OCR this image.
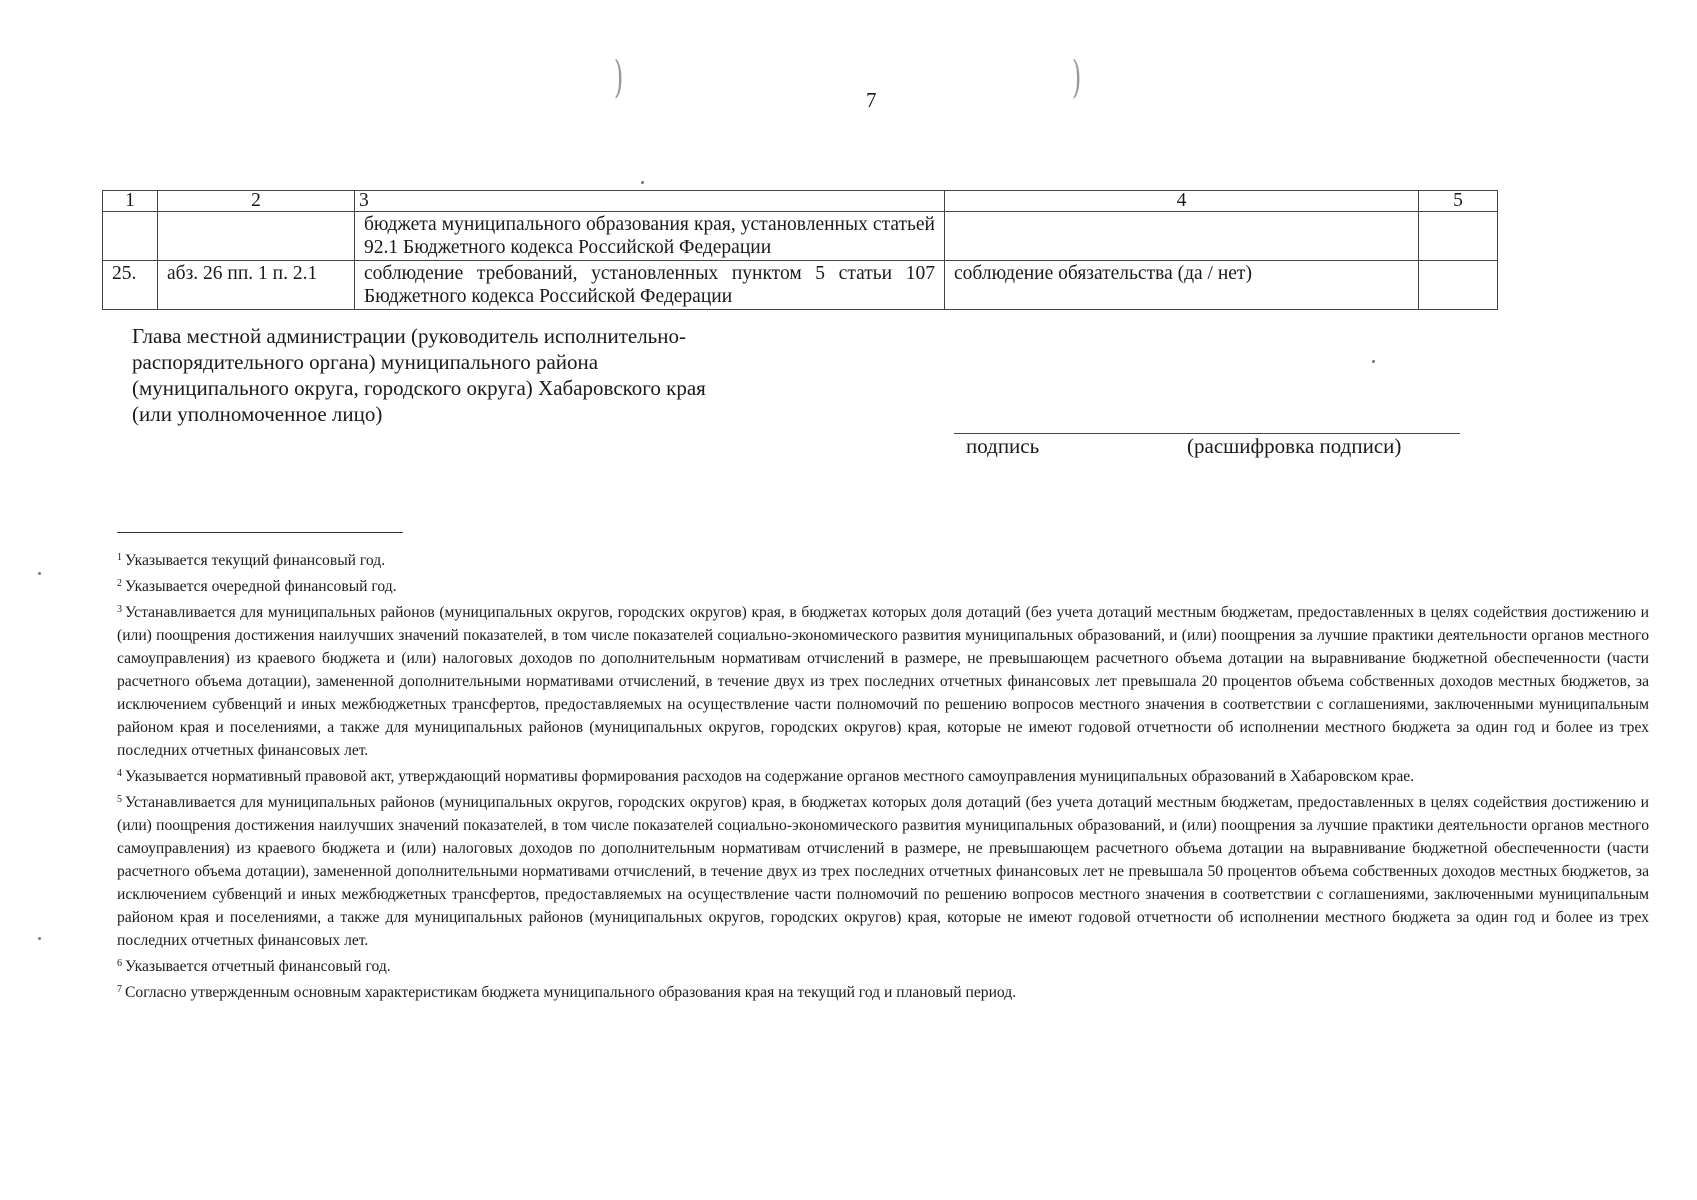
)	)
7
1	2	3	4	5
		бюджета муниципального образования края, установленных статьей 92.1 Бюджетного кодекса Российской Федерации		
25.	абз. 26 пп. 1 п. 2.1	соблюдение требований, установленных пунктом 5 статьи 107 Бюджетного кодекса Российской Федерации	соблюдение обязательства (да / нет)	
Глава местной администрации (руководитель исполнительно-
распорядительного органа) муниципального района
(муниципального округа, городского округа) Хабаровского края
(или уполномоченное лицо)
подпись	(расшифровка подписи)

$^1$ Указывается текущий финансовый год.

$^2$ Указывается очередной финансовый год.

$^3$ Устанавливается для муниципальных районов (муниципальных округов, городских округов) края, в бюджетах которых доля дотаций (без учета дотаций местным бюджетам, предоставленных в целях содействия достижению и (или) поощрения достижения наилучших значений показателей, в том числе показателей социально-экономического развития муниципальных образований, и (или) поощрения за лучшие практики деятельности органов местного самоуправления) из краевого бюджета и (или) налоговых доходов по дополнительным нормативам отчислений в размере, не превышающем расчетного объема дотации на выравнивание бюджетной обеспеченности (части расчетного объема дотации), замененной дополнительными нормативами отчислений, в течение двух из трех последних отчетных финансовых лет превышала 20 процентов объема собственных доходов местных бюджетов, за исключением субвенций и иных межбюджетных трансфертов, предоставляемых на осуществление части полномочий по решению вопросов местного значения в соответствии с соглашениями, заключенными муниципальным районом края и поселениями, а также для муниципальных районов (муниципальных округов, городских округов) края, которые не имеют годовой отчетности об исполнении местного бюджета за один год и более из трех последних отчетных финансовых лет.

$^4$ Указывается нормативный правовой акт, утверждающий нормативы формирования расходов на содержание органов местного самоуправления муниципальных образований в Хабаровском крае.

$^5$ Устанавливается для муниципальных районов (муниципальных округов, городских округов) края, в бюджетах которых доля дотаций (без учета дотаций местным бюджетам, предоставленных в целях содействия достижению и (или) поощрения достижения наилучших значений показателей, в том числе показателей социально-экономического развития муниципальных образований, и (или) поощрения за лучшие практики деятельности органов местного самоуправления) из краевого бюджета и (или) налоговых доходов по дополнительным нормативам отчислений в размере, не превышающем расчетного объема дотации на выравнивание бюджетной обеспеченности (части расчетного объема дотации), замененной дополнительными нормативами отчислений, в течение двух из трех последних отчетных финансовых лет не превышала 50 процентов объема собственных доходов местных бюджетов, за исключением субвенций и иных межбюджетных трансфертов, предоставляемых на осуществление части полномочий по решению вопросов местного значения в соответствии с соглашениями, заключенными муниципальным районом края и поселениями, а также для муниципальных районов (муниципальных округов, городских округов) края, которые не имеют годовой отчетности об исполнении местного бюджета за один год и более из трех последних отчетных финансовых лет.

$^6$ Указывается отчетный финансовый год.

$^7$ Согласно утвержденным основным характеристикам бюджета муниципального образования края на текущий год и плановый период.
